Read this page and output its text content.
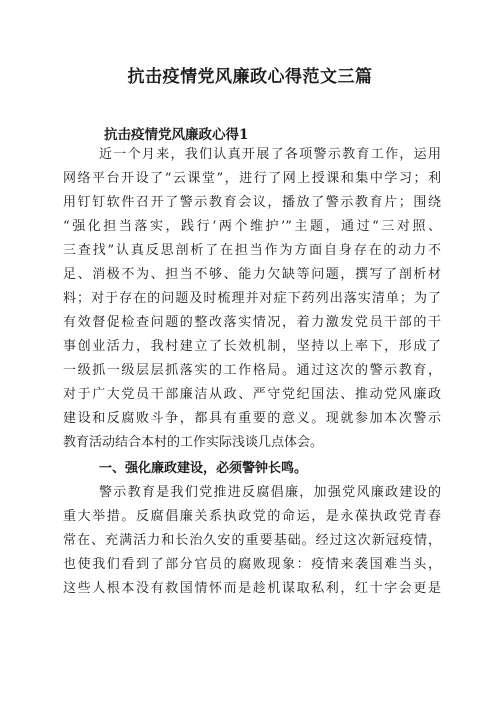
抗击疫情党风廉政心得范文三篇
抗击疫情党风廉政心得1
近一个月来，我们认真开展了各项警示教育工作，运用
网络平台开设了“云课堂”，进行了网上授课和集中学习；利
用钉钉软件召开了警示教育会议，播放了警示教育片；围绕
“强化担当落实，践行‘两个维护’”主题，通过“三对照、
三查找”认真反思剖析了在担当作为方面自身存在的动力不
足、消极不为、担当不够、能力欠缺等问题，撰写了剖析材
料；对于存在的问题及时梳理并对症下药列出落实清单；为了
有效督促检查问题的整改落实情况，着力激发党员干部的干
事创业活力，我村建立了长效机制，坚持以上率下，形成了
一级抓一级层层抓落实的工作格局。通过这次的警示教育，
对于广大党员干部廉洁从政、严守党纪国法、推动党风廉政
建设和反腐败斗争，都具有重要的意义。现就参加本次警示
教育活动结合本村的工作实际浅谈几点体会。
一、强化廉政建设，必须警钟长鸣。
警示教育是我们党推进反腐倡廉，加强党风廉政建设的
重大举措。反腐倡廉关系执政党的命运，是永葆执政党青春
常在、充满活力和长治久安的重要基础。经过这次新冠疫情，
也使我们看到了部分官员的腐败现象：疫情来袭国难当头，
这些人根本没有救国情怀而是趁机谋取私利，红十字会更是
